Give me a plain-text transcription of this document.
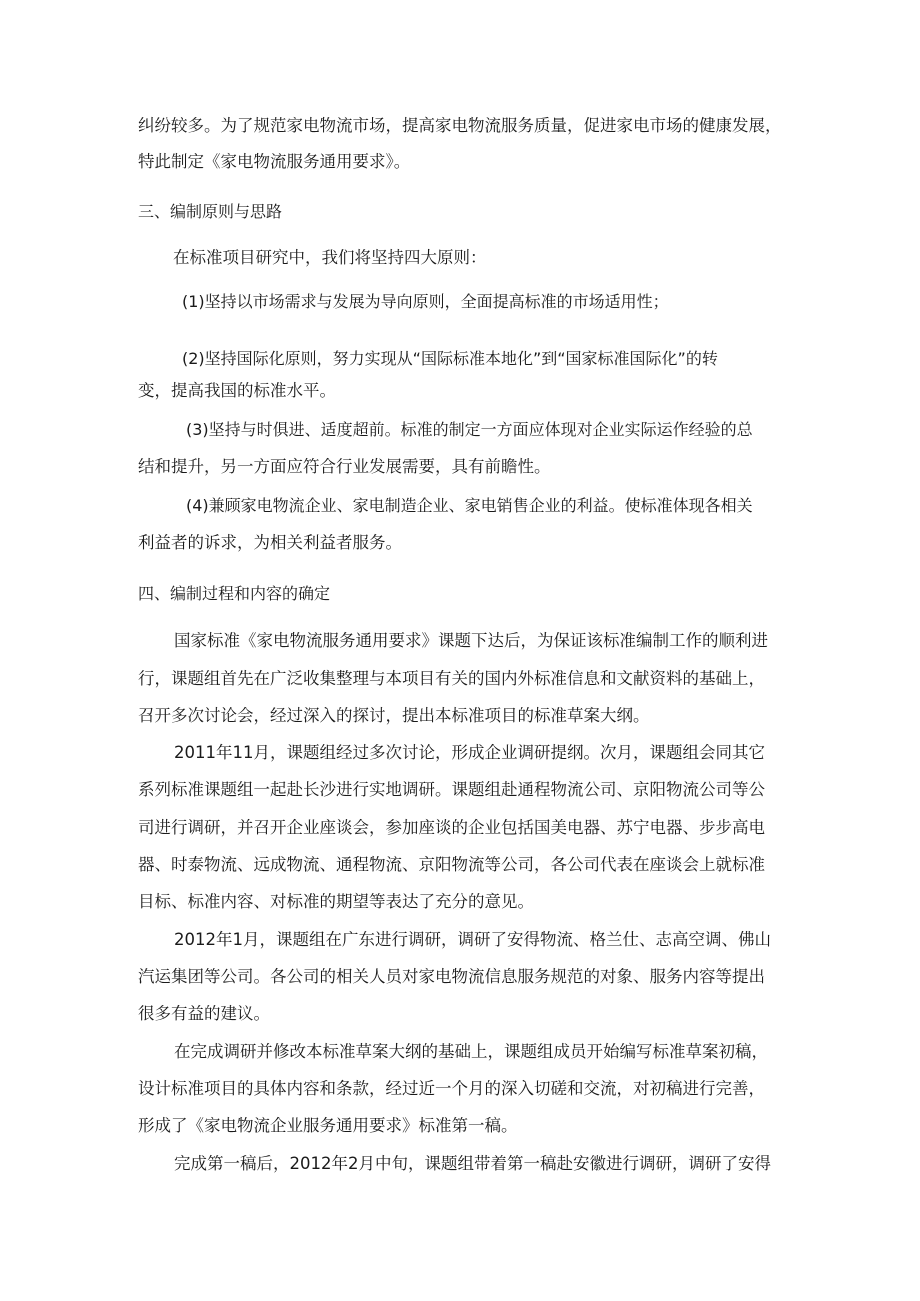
纠纷较多。为了规范家电物流市场，提高家电物流服务质量，促进家电市场的健康发展，
特此制定《家电物流服务通用要求》。
三、编制原则与思路
在标准项目研究中，我们将坚持四大原则：
(1)坚持以市场需求与发展为导向原则，全面提高标准的市场适用性；
(2)坚持国际化原则，努力实现从“国际标准本地化”到“国家标准国际化”的转
变，提高我国的标准水平。
(3)坚持与时俱进、适度超前。标准的制定一方面应体现对企业实际运作经验的总
结和提升，另一方面应符合行业发展需要，具有前瞻性。
(4)兼顾家电物流企业、家电制造企业、家电销售企业的利益。使标准体现各相关
利益者的诉求，为相关利益者服务。
四、编制过程和内容的确定
国家标准《家电物流服务通用要求》课题下达后，为保证该标准编制工作的顺利进
行，课题组首先在广泛收集整理与本项目有关的国内外标准信息和文献资料的基础上，
召开多次讨论会，经过深入的探讨，提出本标准项目的标准草案大纲。
2011年11月，课题组经过多次讨论，形成企业调研提纲。次月，课题组会同其它
系列标准课题组一起赴长沙进行实地调研。课题组赴通程物流公司、京阳物流公司等公
司进行调研，并召开企业座谈会，参加座谈的企业包括国美电器、苏宁电器、步步高电
器、时泰物流、远成物流、通程物流、京阳物流等公司，各公司代表在座谈会上就标准
目标、标准内容、对标准的期望等表达了充分的意见。
2012年1月，课题组在广东进行调研，调研了安得物流、格兰仕、志高空调、佛山
汽运集团等公司。各公司的相关人员对家电物流信息服务规范的对象、服务内容等提出
很多有益的建议。
在完成调研并修改本标准草案大纲的基础上，课题组成员开始编写标准草案初稿，
设计标准项目的具体内容和条款，经过近一个月的深入切磋和交流，对初稿进行完善，
形成了《家电物流企业服务通用要求》标准第一稿。
完成第一稿后，2012年2月中旬，课题组带着第一稿赴安徽进行调研，调研了安得
